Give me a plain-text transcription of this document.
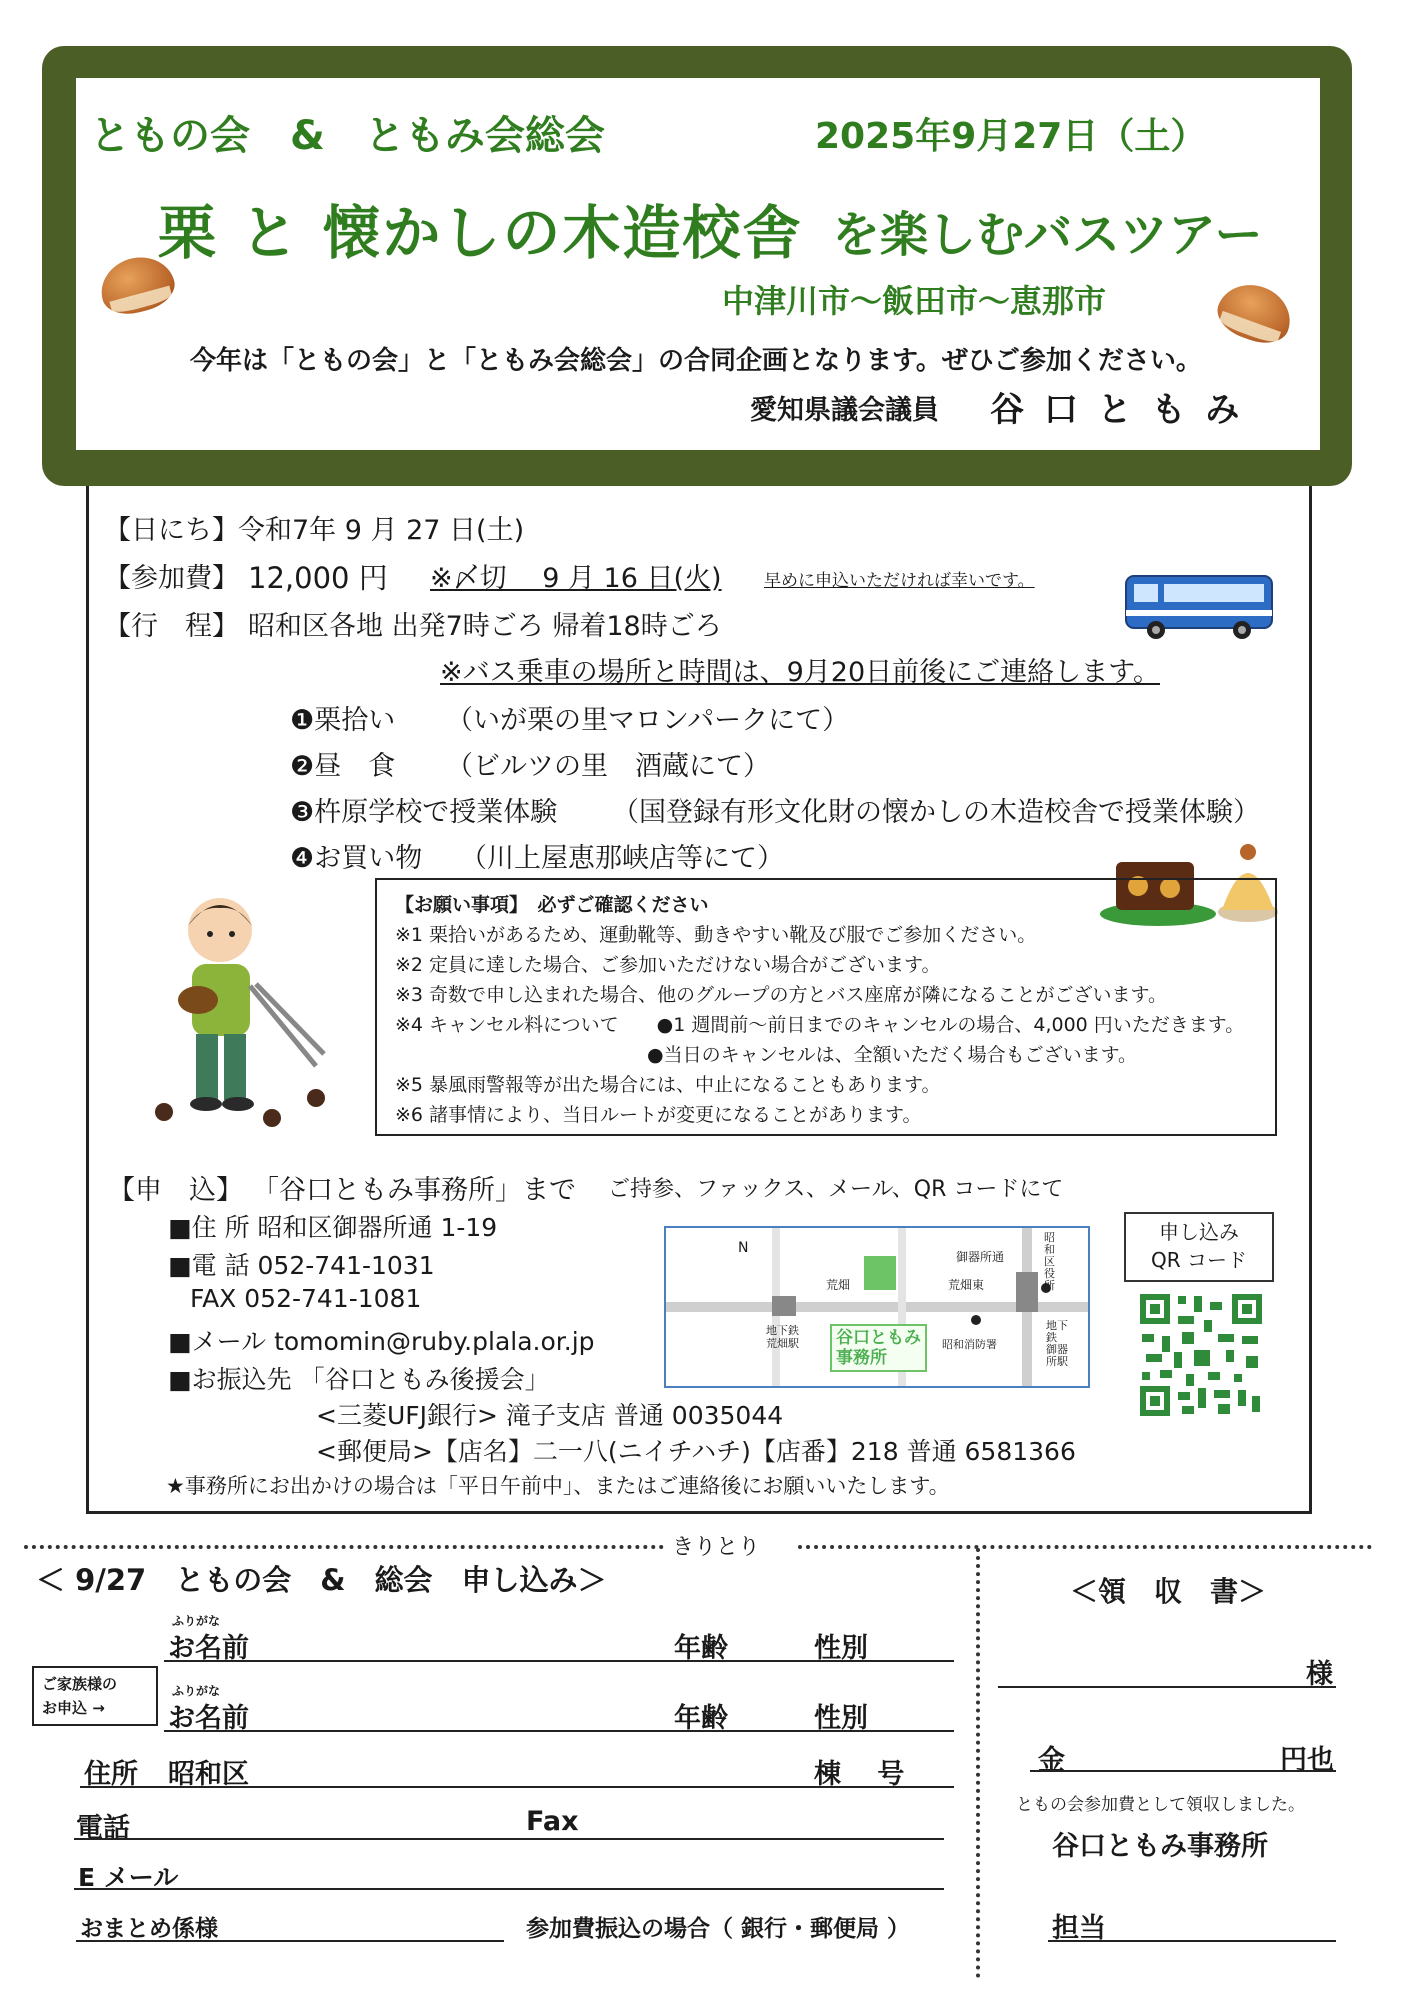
ともの会　&　ともみ会総会	2025年9月27日（土）
栗 と 懐かしの木造校舎 を楽しむバスツアー
中津川市～飯田市～恵那市
今年は「ともの会」と「ともみ会総会」の合同企画となります。ぜひご参加ください。
愛知県議会議員 谷 口 と も み
【日にち】 令和7年 9 月 27 日(土)
【参加費】 12,000 円 ※〆切　 9 月 16 日(火) 早めに申込いただければ幸いです。
【行　程】 昭和区各地 出発7時ごろ 帰着18時ごろ
※バス乗車の場所と時間は、9月20日前後にご連絡します。
❶栗拾い （いが栗の里マロンパークにて）
❷昼　食 （ビルツの里　酒蔵にて）
❸杵原学校で授業体験 （国登録有形文化財の懐かしの木造校舎で授業体験）
❹お買い物 （川上屋恵那峡店等にて）
【お願い事項】　必ずご確認ください
※1 栗拾いがあるため、運動靴等、動きやすい靴及び服でご参加ください。
※2 定員に達した場合、ご参加いただけない場合がございます。
※3 奇数で申し込まれた場合、他のグループの方とバス座席が隣になることがございます。
※4 キャンセル料について　　●1 週間前～前日までのキャンセルの場合、4,000 円いただきます。
●当日のキャンセルは、全額いただく場合もございます。
※5 暴風雨警報等が出た場合には、中止になることもあります。
※6 諸事情により、当日ルートが変更になることがあります。
【申　込】 「谷口ともみ事務所」まで ご持参、ファックス、メール、QR コードにて
■住 所 昭和区御器所通 1-19
■電 話 052-741-1031
FAX 052-741-1081
■メール tomomin@ruby.plala.or.jp
■お振込先 「谷口ともみ後援会」
<三菱UFJ銀行> 滝子支店 普通 0035044
<郵便局>【店名】二一八(ニイチハチ)【店番】218 普通 6581366
★事務所にお出かけの場合は「平日午前中」、またはご連絡後にお願いいたします。
N
荒畑	荒畑東
御器所通
昭和区役所
地下鉄
荒畑駅	谷口ともみ
事務所
昭和消防署
地下鉄
御器所駅
申し込み
QR コード
きりとり
＜ 9/27　ともの会　&　総会　申し込み＞
ふりがな
お名前	年齢	性別
ご家族様の
お申込 →
ふりがな
お名前	年齢	性別
住所 昭和区	棟　 号
電話	Fax
E メール
おまとめ係様	参加費振込の場合（ 銀行・郵便局 ）
＜領　収　書＞
様
金	円也
ともの会参加費として領収しました。
谷口ともみ事務所
担当
